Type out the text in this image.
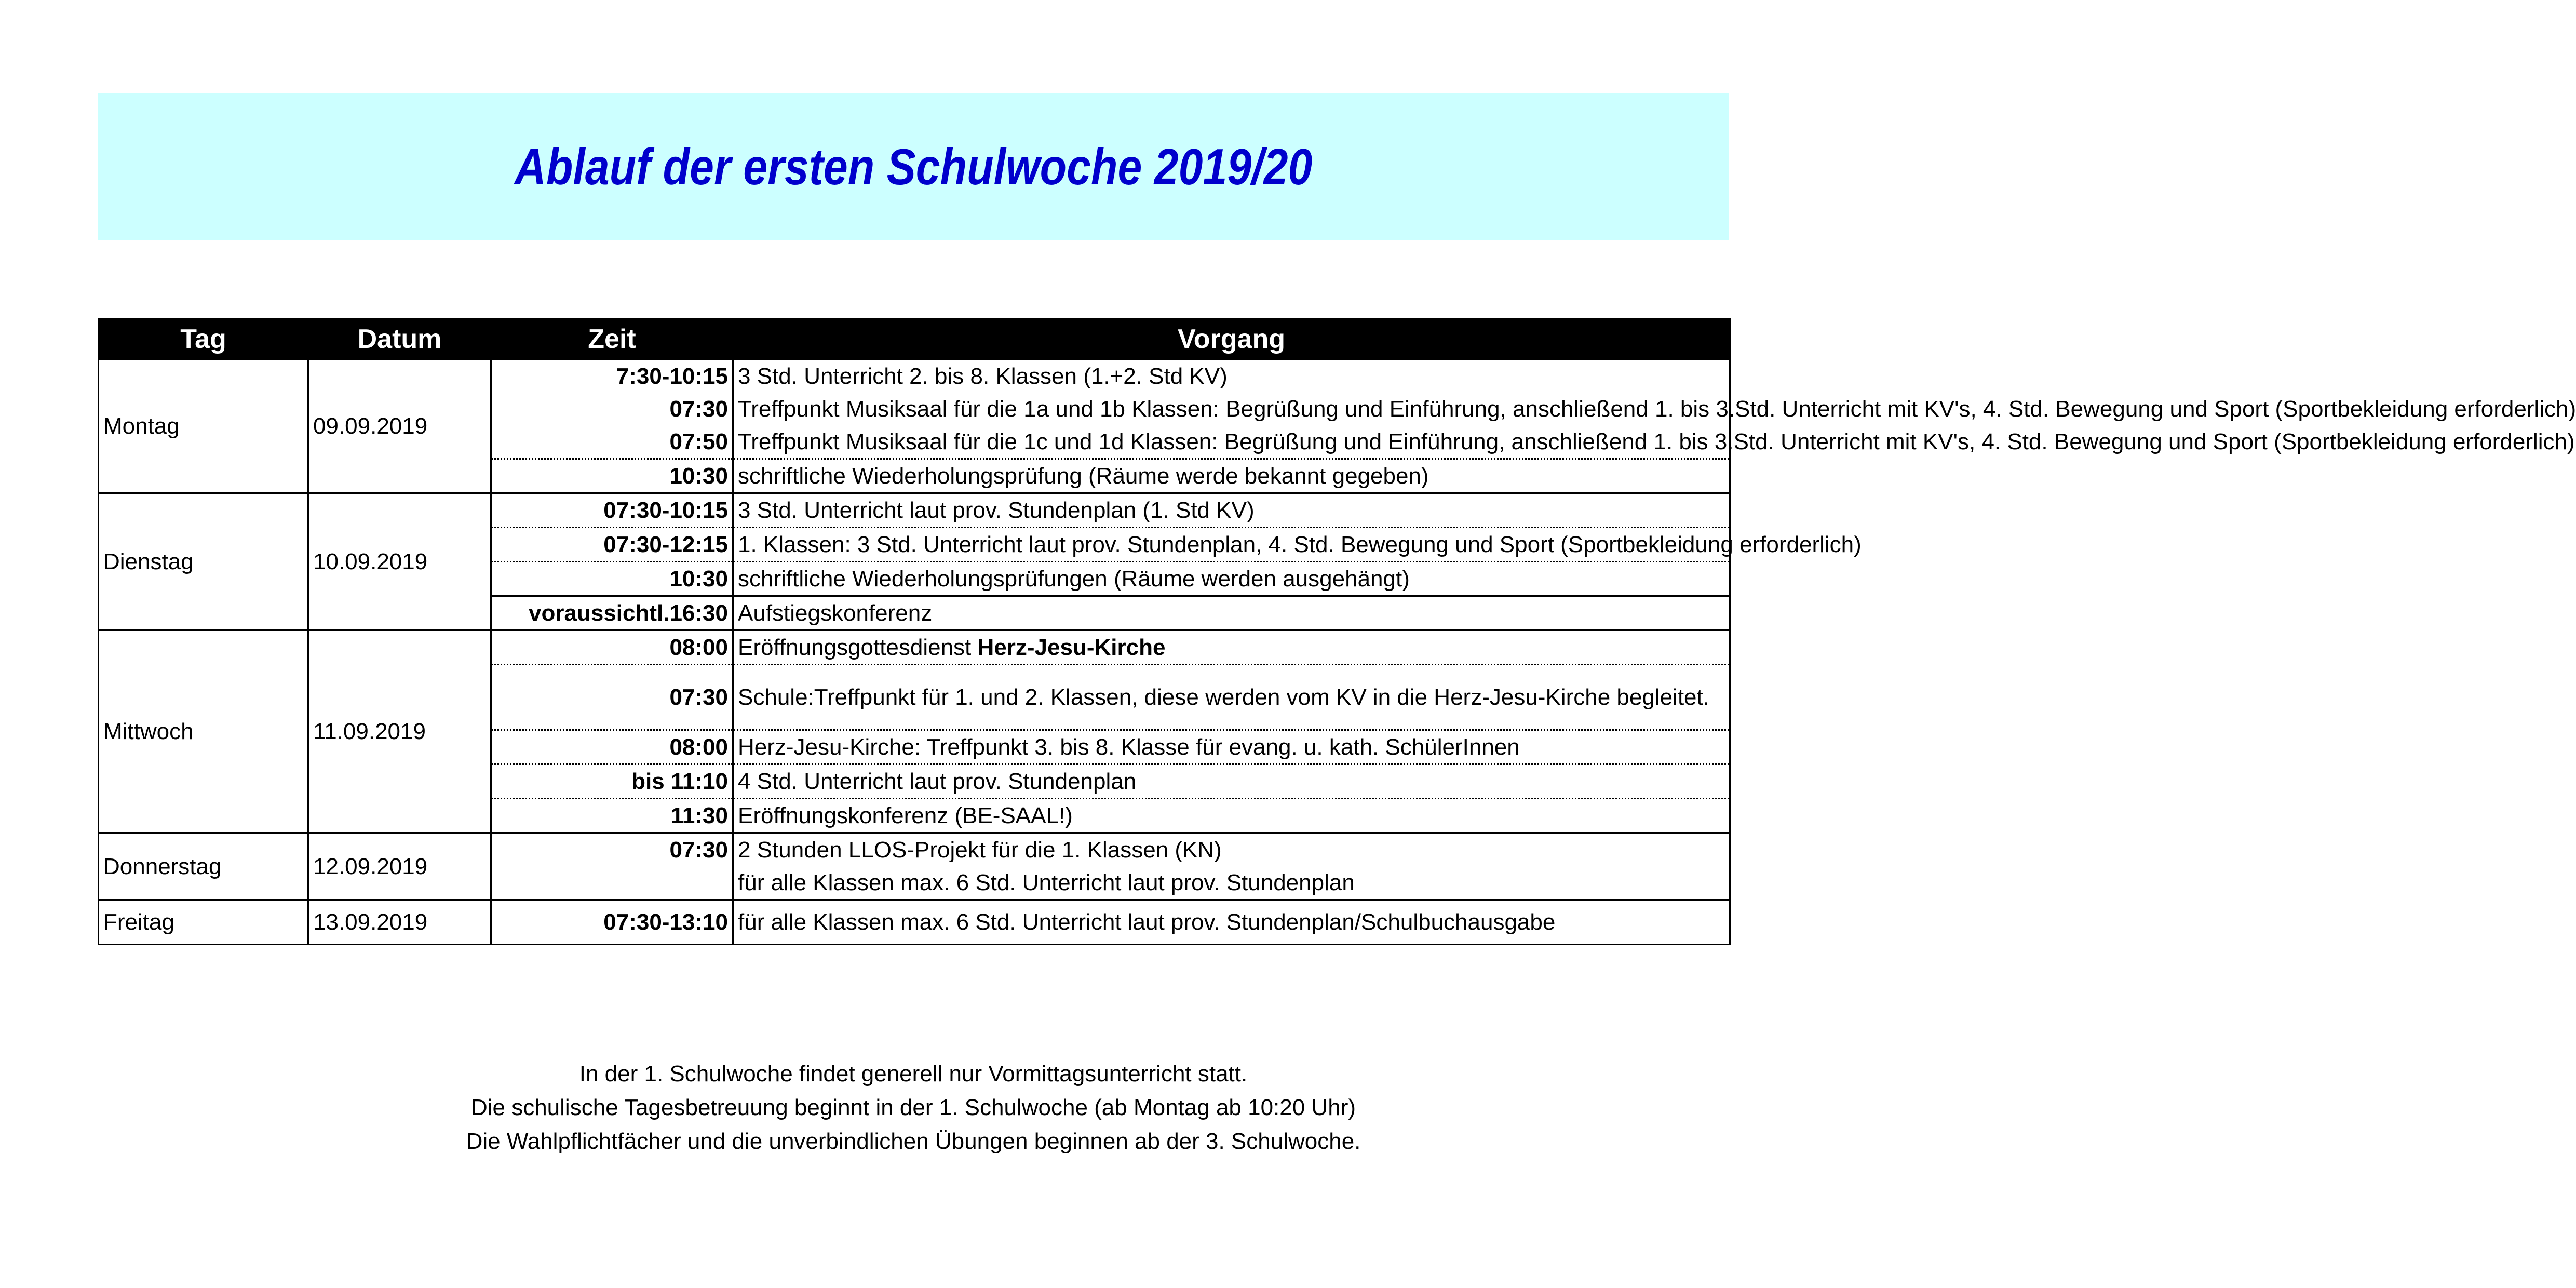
Ablauf der ersten Schulwoche 2019/20
Tag	Datum	Zeit	Vorgang
Montag	09.09.2019	7:30-10:15	3 Std. Unterricht 2. bis 8. Klassen (1.+2. Std KV)
		07:30	Treffpunkt Musiksaal für die 1a und 1b Klassen: Begrüßung und Einführung, anschließend 1. bis 3.Std. Unterricht mit KV's, 4. Std. Bewegung und Sport (Sportbekleidung erforderlich)
		07:50	Treffpunkt Musiksaal für die 1c und 1d Klassen: Begrüßung und Einführung, anschließend 1. bis 3.Std. Unterricht mit KV's, 4. Std. Bewegung und Sport (Sportbekleidung erforderlich)
		10:30	schriftliche Wiederholungsprüfung (Räume werde bekannt gegeben)
Dienstag	10.09.2019	07:30-10:15	3 Std. Unterricht laut prov. Stundenplan (1. Std KV)
		07:30-12:15	1. Klassen: 3 Std. Unterricht laut prov. Stundenplan, 4. Std. Bewegung und Sport (Sportbekleidung erforderlich)
		10:30	schriftliche Wiederholungsprüfungen (Räume werden ausgehängt)
		voraussichtl.16:30	Aufstiegskonferenz
Mittwoch	11.09.2019	08:00	Eröffnungsgottesdienst Herz-Jesu-Kirche
		07:30	Schule:Treffpunkt für 1. und 2. Klassen, diese werden vom KV in die Herz-Jesu-Kirche begleitet.
		08:00	Herz-Jesu-Kirche: Treffpunkt 3. bis 8. Klasse für evang. u. kath. SchülerInnen
		bis 11:10	4 Std. Unterricht laut prov. Stundenplan
		11:30	Eröffnungskonferenz (BE-SAAL!)
Donnerstag	12.09.2019	07:30	2 Stunden LLOS-Projekt für die 1. Klassen (KN)
für alle Klassen max. 6 Std. Unterricht laut prov. Stundenplan

Freitag	13.09.2019	07:30-13:10	für alle Klassen max. 6 Std. Unterricht laut prov. Stundenplan/Schulbuchausgabe
In der 1. Schulwoche findet generell nur Vormittagsunterricht statt.
Die schulische Tagesbetreuung beginnt in der 1. Schulwoche (ab Montag ab 10:20 Uhr)
Die Wahlpflichtfächer und die unverbindlichen Übungen beginnen ab der 3. Schulwoche.
